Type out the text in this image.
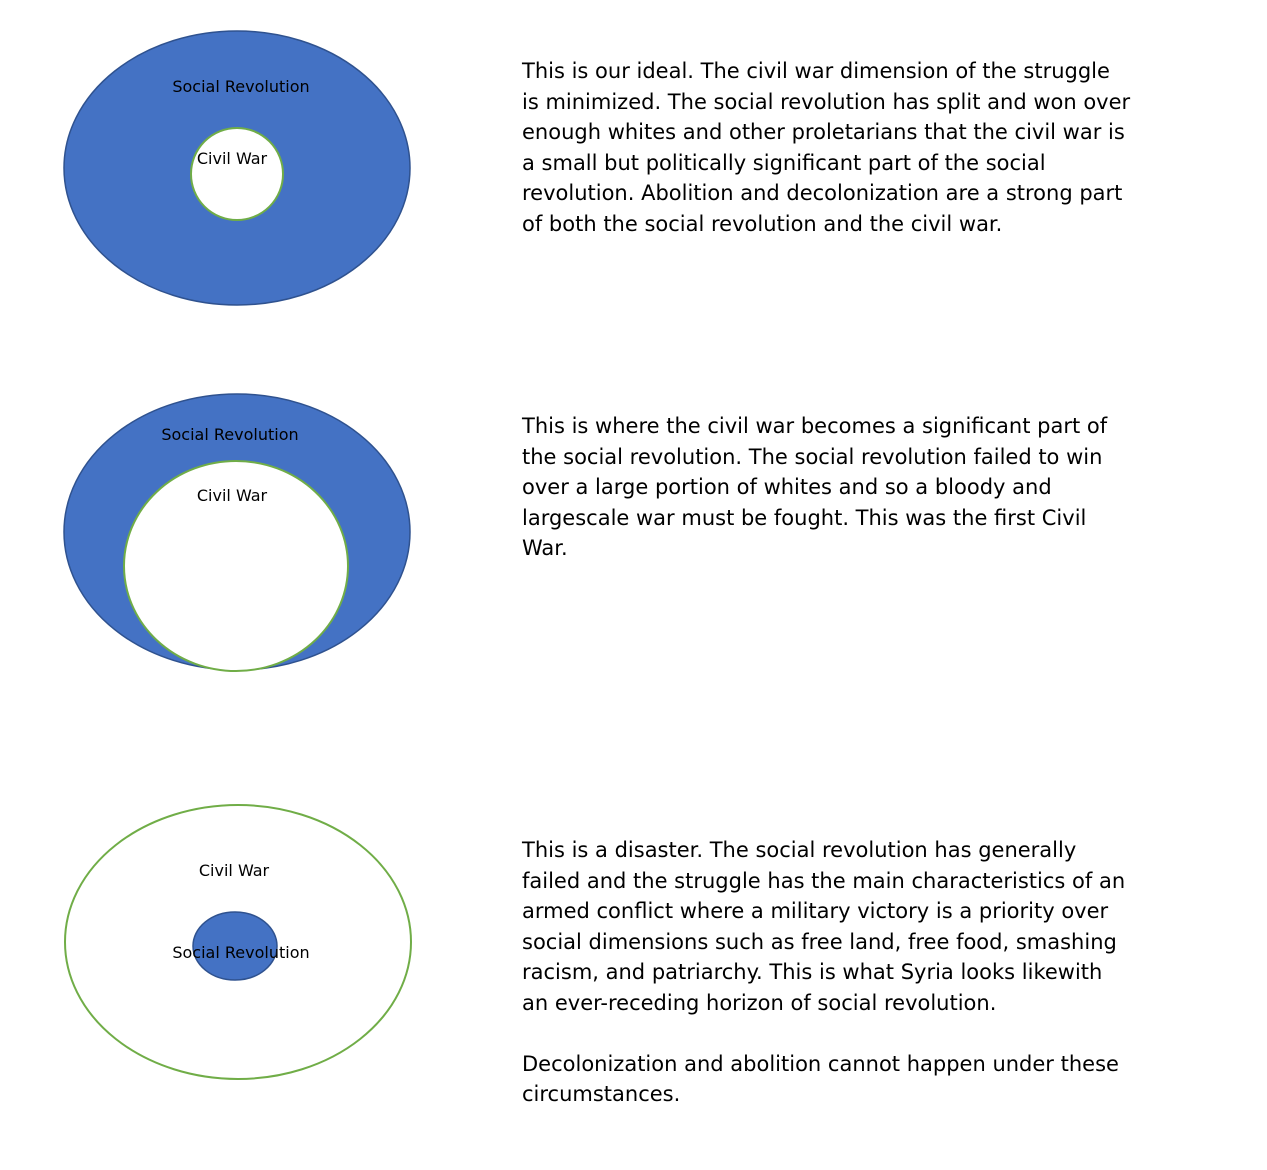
Social Revolution
Civil War

This is our ideal. The civil war dimension of the struggle is minimized. The social revolution has split and won over enough whites and other proletarians that the civil war is a small but politically significant part of the social revolution. Abolition and decolonization are a strong part of both the social revolution and the civil war.

Social Revolution
Civil War

This is where the civil war becomes a significant part of the social revolution. The social revolution failed to win over a large portion of whites and so a bloody and largescale war must be fought. This was the first Civil War.

Civil War
Social Revolution

This is a disaster. The social revolution has generally failed and the struggle has the main characteristics of an armed conflict where a military victory is a priority over social dimensions such as free land, free food, smashing racism, and patriarchy. This is what Syria looks likewith an ever-receding horizon of social revolution.

Decolonization and abolition cannot happen under these circumstances.
